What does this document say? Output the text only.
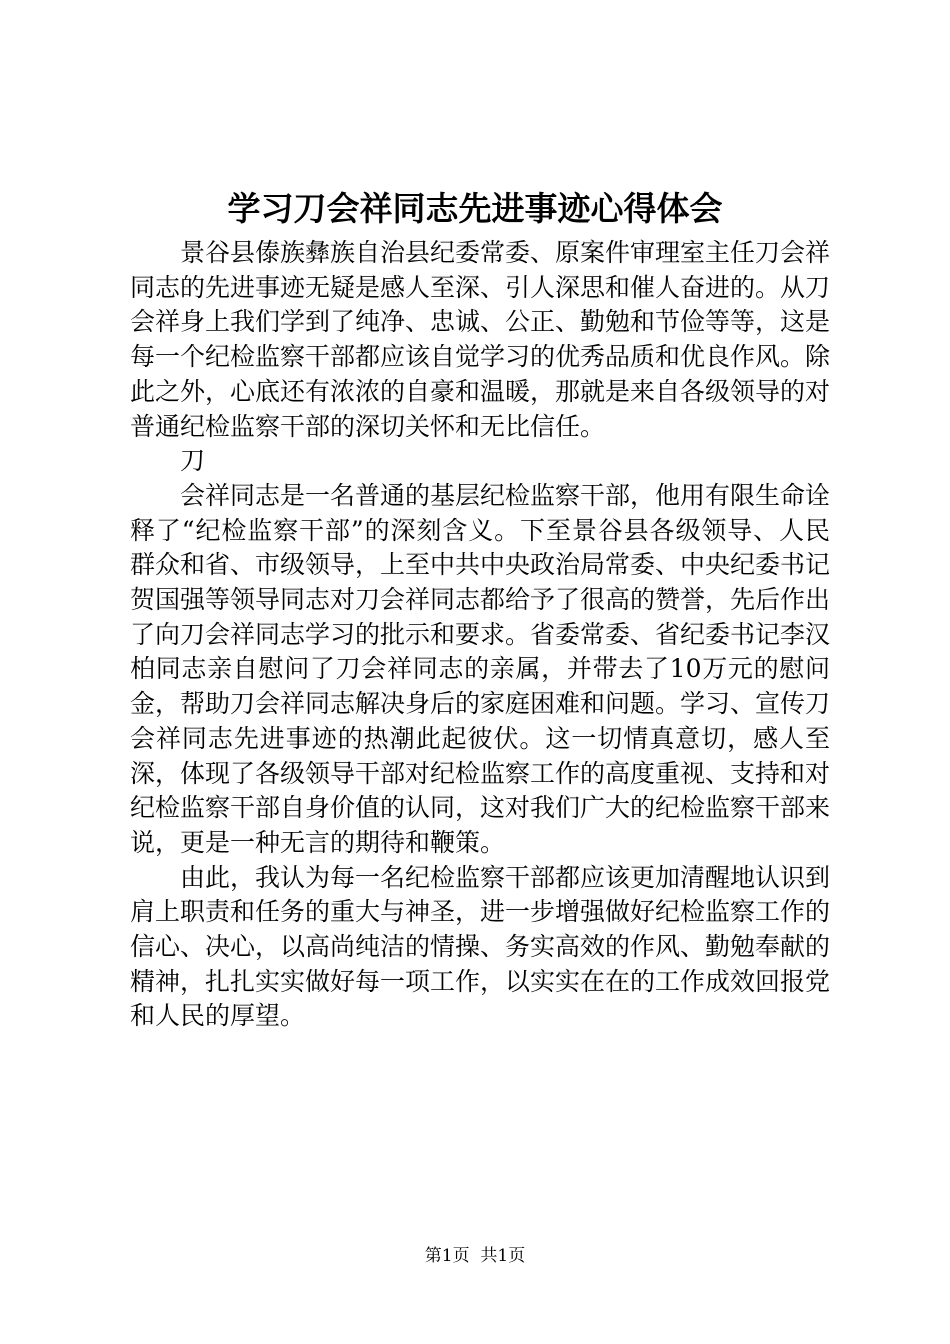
学习刀会祥同志先进事迹心得体会

景谷县傣族彝族自治县纪委常委、原案件审理室主任刀会祥同志的先进事迹无疑是感人至深、引人深思和催人奋进的。从刀会祥身上我们学到了纯净、忠诚、公正、勤勉和节俭等等，这是每一个纪检监察干部都应该自觉学习的优秀品质和优良作风。除此之外，心底还有浓浓的自豪和温暖，那就是来自各级领导的对普通纪检监察干部的深切关怀和无比信任。

刀

会祥同志是一名普通的基层纪检监察干部，他用有限生命诠释了“纪检监察干部”的深刻含义。下至景谷县各级领导、人民群众和省、市级领导，上至中共中央政治局常委、中央纪委书记贺国强等领导同志对刀会祥同志都给予了很高的赞誉，先后作出了向刀会祥同志学习的批示和要求。省委常委、省纪委书记李汉柏同志亲自慰问了刀会祥同志的亲属，并带去了10万元的慰问金，帮助刀会祥同志解决身后的家庭困难和问题。学习、宣传刀会祥同志先进事迹的热潮此起彼伏。这一切情真意切，感人至深，体现了各级领导干部对纪检监察工作的高度重视、支持和对纪检监察干部自身价值的认同，这对我们广大的纪检监察干部来说，更是一种无言的期待和鞭策。

由此，我认为每一名纪检监察干部都应该更加清醒地认识到肩上职责和任务的重大与神圣，进一步增强做好纪检监察工作的信心、决心，以高尚纯洁的情操、务实高效的作风、勤勉奉献的精神，扎扎实实做好每一项工作，以实实在在的工作成效回报党和人民的厚望。

第1页 共1页
